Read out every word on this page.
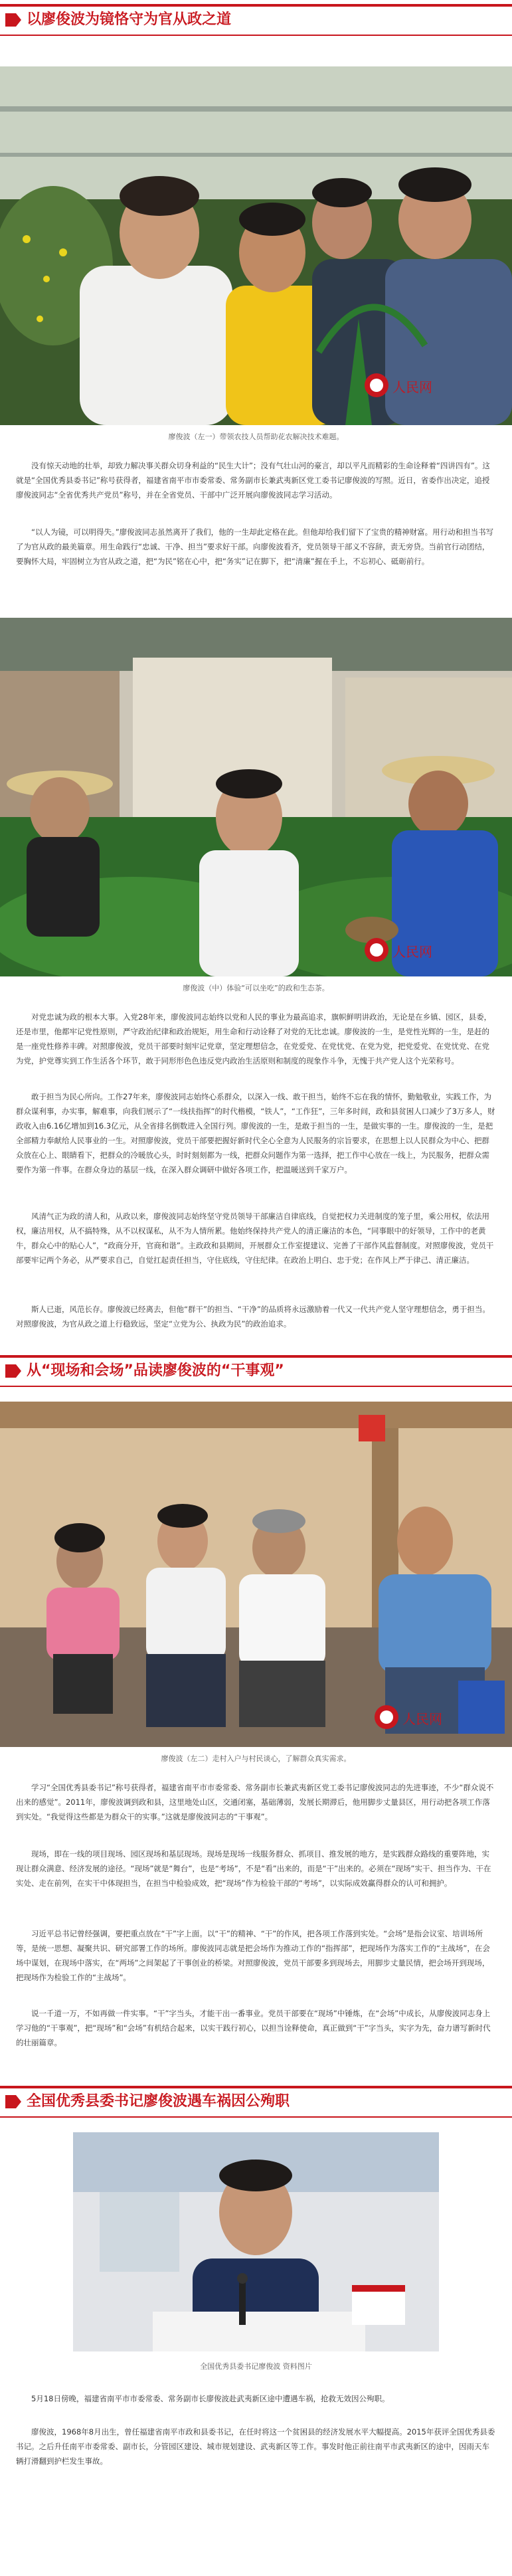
以廖俊波为镜恪守为官从政之道
人民网
廖俊波（左一）带领农技人员帮助花农解决技术难题。

没有惊天动地的壮举，却致力解决事关群众切身利益的“民生大计”；没有气壮山河的豪言，却以平凡而精彩的生命诠释着“四讲四有”。这就是“全国优秀县委书记”称号获得者，福建省南平市市委常委、常务副市长兼武夷新区党工委书记廖俊波的写照。近日，省委作出决定，追授廖俊波同志“全省优秀共产党员”称号，并在全省党员、干部中广泛开展向廖俊波同志学习活动。

“以人为镜，可以明得失。”廖俊波同志虽然离开了我们，他的一生却此定格在此。但他却给我们留下了宝贵的精神财富。用行动和担当书写了为官从政的最美篇章。用生命践行“忠诚、干净、担当”要求好干部。向廖俊波看齐，党员领导干部义不容辞，责无旁贷。当前官行动团结，要胸怀大局，牢固树立为官从政之道，把“为民”铭在心中，把“务实”记在脚下，把“清廉”握在手上，不忘初心、砥砺前行。

人民网
廖俊波（中）体验“可以坐吃”的政和生态茶。

对党忠诚为政的根本大事。入党28年来，廖俊波同志始终以党和人民的事业为最高追求，旗帜鲜明讲政治，无论是在乡镇、园区，县委，还是市里，他都牢记党性原则，严守政治纪律和政治规矩，用生命和行动诠释了对党的无比忠诚。廖俊波的一生，是党性光辉的一生，是赶的是一座党性修养丰碑。对照廖俊波，党员干部要时刻牢记党章，坚定理想信念，在党爱党、在党忧党、在党为党，把党爱党、在党忧党、在党为党，护党尊实到工作生活各个环节，敢于同形形色色违反党内政治生活原则和制度的现象作斗争，无愧于共产党人这个光荣称号。

敢于担当为民心所向。工作27年来，廖俊波同志始终心系群众，以深入一线、敢干担当，始终不忘在我的情怀，勤勉敬业，实践工作，为群众谋利事，办实事，解难事，向我们展示了“一线扶指挥”的时代楷模，“铁人”，“工作狂”，三年多时间，政和县贫困人口减少了3万多人，财政收入由6.16亿增加到16.3亿元，从全省排名倒数进入全国行列。廖俊波的一生，是敢于担当的一生，是做实事的一生。廖俊波的一生，是把全部精力奉献给人民事业的一生。对照廖俊波，党员干部要把握好新时代全心全意为人民服务的宗旨要求，在思想上以人民群众为中心、把群众放在心上、眼睛看下，把群众的冷暖放心头，时时刻刻都为一线，把群众问题作为第一选择，把工作中心放在一线上，为民服务，把群众需要作为第一件事。在群众身边的基层一线，在深入群众调研中做好各项工作，把温暖送到千家万户。

风清气正为政的清人和，从政以来，廖俊波同志始终坚守党员领导干部廉洁自律底线，自觉把权力关进制度的笼子里，乘公用权，依法用权，廉洁用权，从不搞特殊，从不以权谋私，从不为人情所累。他始终保持共产党人的清正廉洁的本色，“同事眼中的好领导，工作中的老黄牛，群众心中的贴心人”，“政商分开，官商和谐”。主政政和县期间，开展群众工作室提建议、完善了干部作风监督制度。对照廖俊波，党员干部要牢记两个务必，从严要求自己，自觉扛起责任担当，守住底线，守住纪律。在政治上明白、忠于党；在作风上严于律己、清正廉洁。

斯人已逝，风范长存。廖俊波已经离去，但他“群干”的担当、“干净”的品质将永远激励着一代又一代共产党人坚守理想信念，勇于担当。对照廖俊波，为官从政之道上行稳致远，坚定“立党为公、执政为民”的政治追求。

从“现场和会场”品读廖俊波的“干事观”
人民网
廖俊波（左二）走村入户与村民谈心，了解群众真实需求。

学习“全国优秀县委书记”称号获得者，福建省南平市市委常委、常务副市长兼武夷新区党工委书记廖俊波同志的先进事迹，不少“群众说不出来的感觉”。2011年，廖俊波调到政和县，这里地处山区，交通闭塞，基础薄弱，发展长期滞后，他用脚步丈量县区，用行动把各项工作落到实处。“我觉得这些都是为群众干的实事。”这就是廖俊波同志的“干事观”。

现场，即在一线的项目现场、园区现场和基层现场。现场是现场一线服务群众、抓项目、推发展的地方，是实践群众路线的重要阵地，实现让群众满意、经济发展的途径。“现场”就是“舞台”，也是“考场”，不是“看”出来的，而是“干”出来的。必须在“现场”实干、担当作为、干在实处、走在前列，在实干中体现担当，在担当中检验成效，把“现场”作为检验干部的“考场”，以实际成效赢得群众的认可和拥护。

习近平总书记曾经强调，要把重点放在“干”字上面。以“干”的精神、“干”的作风，把各项工作落到实处。“会场”是指会议室、培训场所等，是统一思想、凝聚共识、研究部署工作的场所。廖俊波同志就是把会场作为推动工作的“指挥部”，把现场作为落实工作的“主战场”，在会场中谋划，在现场中落实，在“两场”之间架起了干事创业的桥梁。对照廖俊波，党员干部要多到现场去，用脚步丈量民情，把会场开到现场，把现场作为检验工作的“主战场”。

说一千道一万，不如再做一件实事。“干”字当头，才能干出一番事业。党员干部要在“现场”中锤炼，在“会场”中成长，从廖俊波同志身上学习他的“干事观”，把“现场”和“会场”有机结合起来，以实干践行初心，以担当诠释使命，真正做到“干”字当头，实字为先，奋力谱写新时代的壮丽篇章。

全国优秀县委书记廖俊波遇车祸因公殉职
全国优秀县委书记廖俊波 资料图片

5月18日傍晚，福建省南平市市委常委、常务副市长廖俊波赴武夷新区途中遭遇车祸，抢救无效因公殉职。

廖俊波，1968年8月出生，曾任福建省南平市政和县委书记，在任时将这一个贫困县的经济发展水平大幅提高。2015年获评全国优秀县委书记。之后升任南平市委常委、副市长，分管园区建设、城市规划建设、武夷新区等工作。事发时他正前往南平市武夷新区的途中，因雨天车辆打滑翻到护栏发生事故。
